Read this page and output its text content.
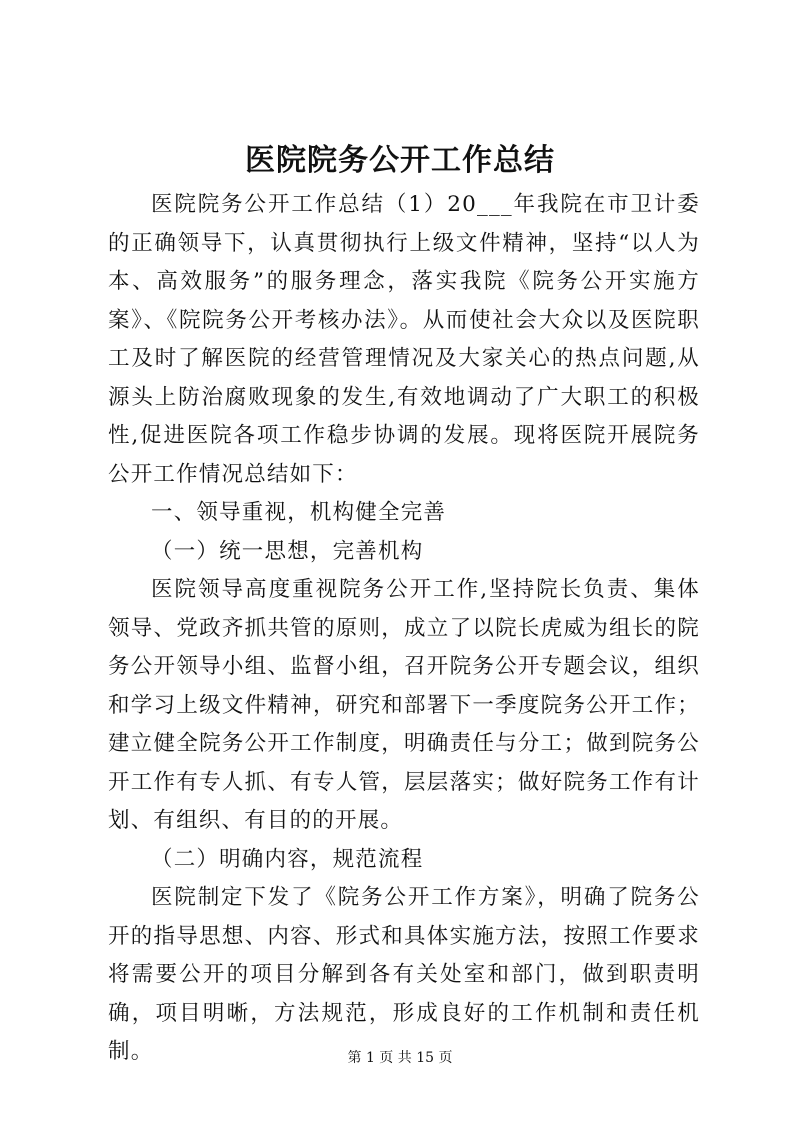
医院院务公开工作总结

医院院务公开工作总结（1）20___年我院在市卫计委的正确领导下，认真贯彻执行上级文件精神，坚持“以人为本、高效服务”的服务理念，落实我院《院务公开实施方案》、《院院务公开考核办法》。从而使社会大众以及医院职工及时了解医院的经营管理情况及大家关心的热点问题,从源头上防治腐败现象的发生,有效地调动了广大职工的积极性,促进医院各项工作稳步协调的发展。现将医院开展院务公开工作情况总结如下：

一、领导重视，机构健全完善

（一）统一思想，完善机构

医院领导高度重视院务公开工作,坚持院长负责、集体领导、党政齐抓共管的原则，成立了以院长虎威为组长的院务公开领导小组、监督小组，召开院务公开专题会议，组织和学习上级文件精神，研究和部署下一季度院务公开工作；建立健全院务公开工作制度，明确责任与分工；做到院务公开工作有专人抓、有专人管，层层落实；做好院务工作有计划、有组织、有目的的开展。

（二）明确内容，规范流程

医院制定下发了《院务公开工作方案》，明确了院务公开的指导思想、内容、形式和具体实施方法，按照工作要求将需要公开的项目分解到各有关处室和部门，做到职责明确，项目明晰，方法规范，形成良好的工作机制和责任机制。	第 1 页 共 15 页
